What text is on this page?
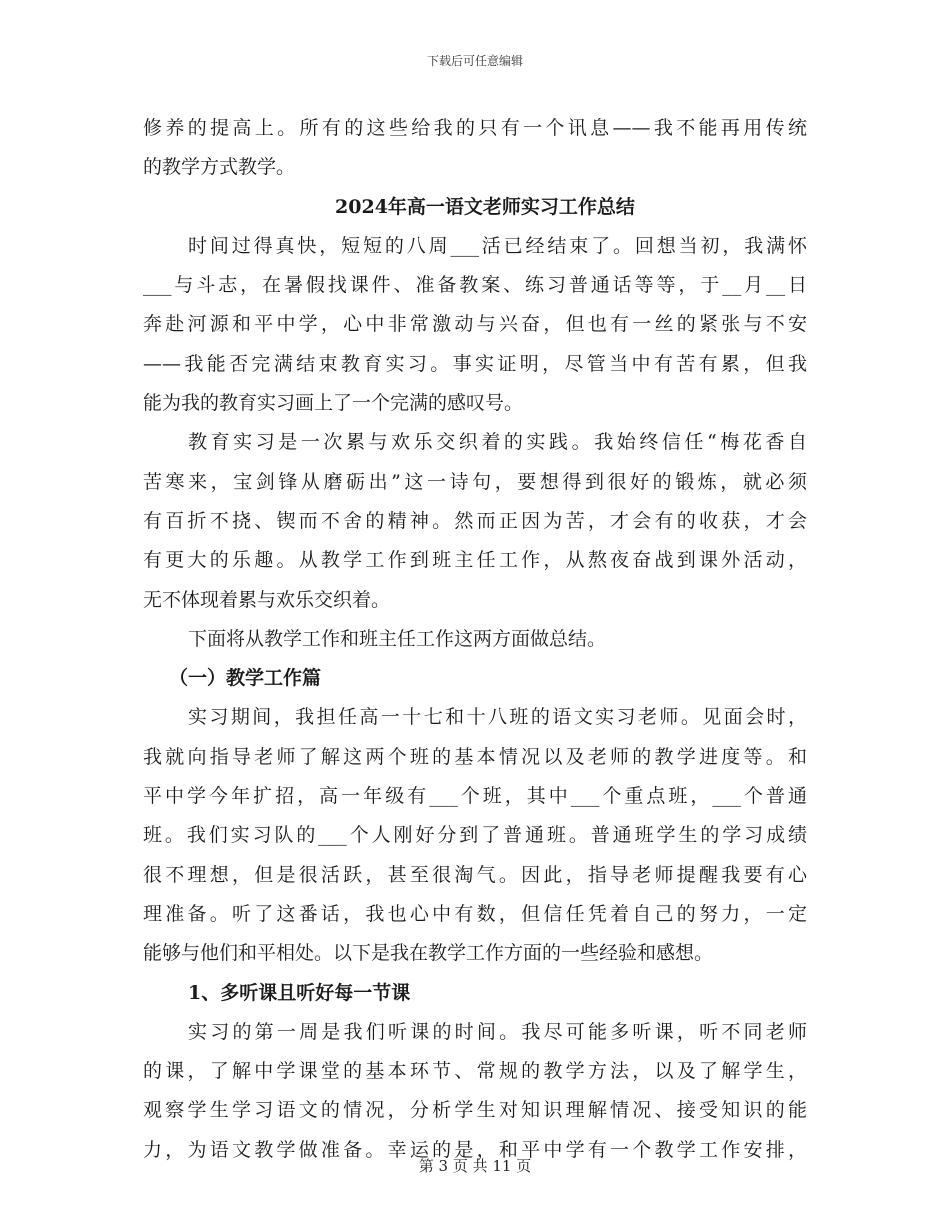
下载后可任意编辑
修养的提高上。所有的这些给我的只有一个讯息——我不能再用传统
的教学方式教学。
2024年高一语文老师实习工作总结
时间过得真快，短短的八周___活已经结束了。回想当初，我满怀
___与斗志，在暑假找课件、准备教案、练习普通话等等，于__月__日
奔赴河源和平中学，心中非常激动与兴奋，但也有一丝的紧张与不安
——我能否完满结束教育实习。事实证明，尽管当中有苦有累，但我
能为我的教育实习画上了一个完满的感叹号。
教育实习是一次累与欢乐交织着的实践。我始终信任“梅花香自
苦寒来，宝剑锋从磨砺出”这一诗句，要想得到很好的锻炼，就必须
有百折不挠、锲而不舍的精神。然而正因为苦，才会有的收获，才会
有更大的乐趣。从教学工作到班主任工作，从熬夜奋战到课外活动，
无不体现着累与欢乐交织着。
下面将从教学工作和班主任工作这两方面做总结。
（一）教学工作篇
实习期间，我担任高一十七和十八班的语文实习老师。见面会时，
我就向指导老师了解这两个班的基本情况以及老师的教学进度等。和
平中学今年扩招，高一年级有___个班，其中___个重点班，___个普通
班。我们实习队的___个人刚好分到了普通班。普通班学生的学习成绩
很不理想，但是很活跃，甚至很淘气。因此，指导老师提醒我要有心
理准备。听了这番话，我也心中有数，但信任凭着自己的努力，一定
能够与他们和平相处。以下是我在教学工作方面的一些经验和感想。
1、多听课且听好每一节课
实习的第一周是我们听课的时间。我尽可能多听课，听不同老师
的课，了解中学课堂的基本环节、常规的教学方法，以及了解学生，
观察学生学习语文的情况，分析学生对知识理解情况、接受知识的能
力，为语文教学做准备。幸运的是，和平中学有一个教学工作安排，
第 3 页 共 11 页
